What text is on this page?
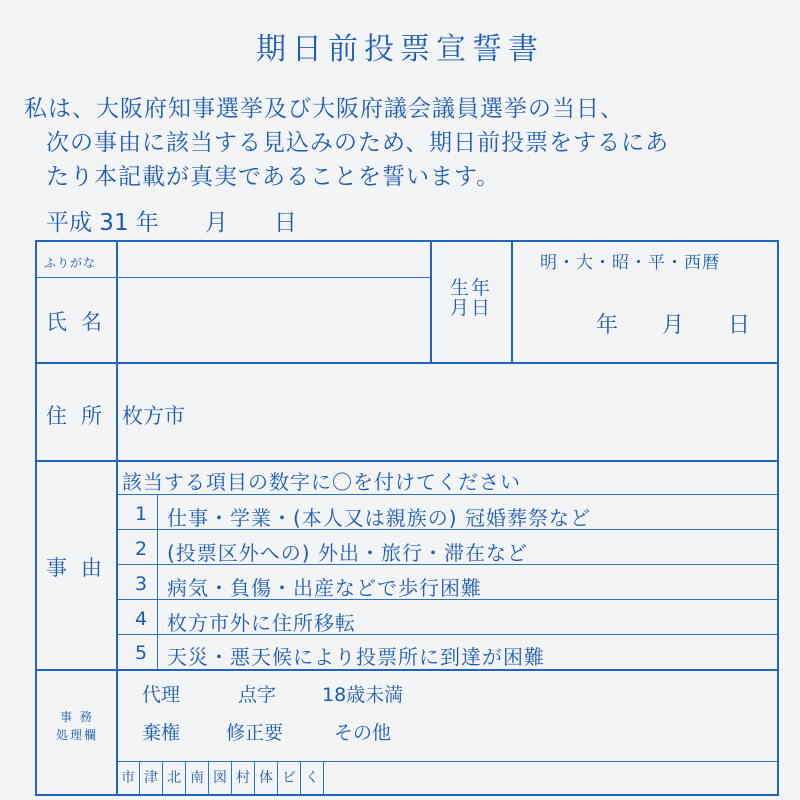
期日前投票宣誓書
　私は、大阪府知事選挙及び大阪府議会議員選挙の当日、
次の事由に該当する見込みのため、期日前投票をするにあ
たり本記載が真実であることを誓います。
平成 31 年　　月　　日
ふりがな
氏名
生年月日
明・大・昭・平・西暦
年　　月　　日
住所 枚方市
事由
該当する項目の数字に〇を付けてください
1 仕事・学業・(本人又は親族の) 冠婚葬祭など
2 (投票区外への) 外出・旅行・滞在など
3 病気・負傷・出産などで歩行困難
4 枚方市外に住所移転
5 天災・悪天候により投票所に到達が困難
事 務
処理欄
代理	点字 18歳未満
棄権 修正要	その他
市 津 北 南 図 村 体 ビ く
